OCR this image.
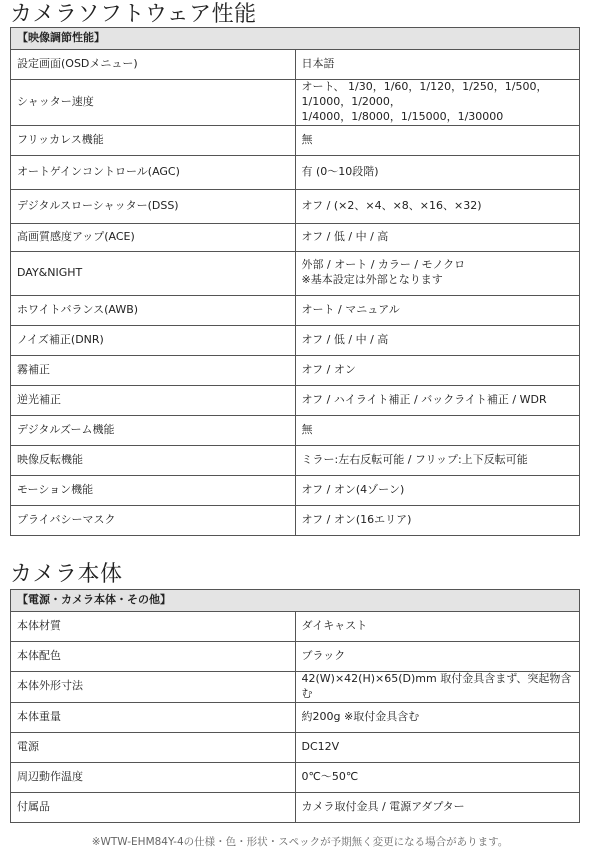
カメラソフトウェア性能
【映像調節性能】	
設定画面(OSDメニュー)	日本語

シャッター速度	オート、 1/30，1/60，1/120，1/250，1/500，1/1000，1/2000，
1/4000，1/8000，1/15000，1/30000

フリッカレス機能	無

オートゲインコントロール(AGC)	有 (0〜10段階)

デジタルスローシャッター(DSS)	オフ / (×2、×4、×8、×16、×32)

高画質感度アップ(ACE)	オフ / 低 / 中 / 高

DAY&NIGHT	外部 / オート / カラー / モノクロ
※基本設定は外部となります

ホワイトバランス(AWB)	オート / マニュアル

ノイズ補正(DNR)	オフ / 低 / 中 / 高

霧補正	オフ / オン

逆光補正	オフ / ハイライト補正 / バックライト補正 / WDR

デジタルズーム機能	無

映像反転機能	ミラー:左右反転可能 / フリップ:上下反転可能

モーション機能	オフ / オン(4ゾーン)

プライバシーマスク	オフ / オン(16エリア)
カメラ本体
【電源・カメラ本体・その他】	
本体材質	ダイキャスト

本体配色	ブラック

本体外形寸法	42(W)×42(H)×65(D)mm 取付金具含まず、突起物含む

本体重量	約200g ※取付金具含む

電源	DC12V

周辺動作温度	0℃〜50℃

付属品	カメラ取付金具 / 電源アダプター
※WTW-EHM84Y-4の仕様・色・形状・スペックが予期無く変更になる場合があります。
